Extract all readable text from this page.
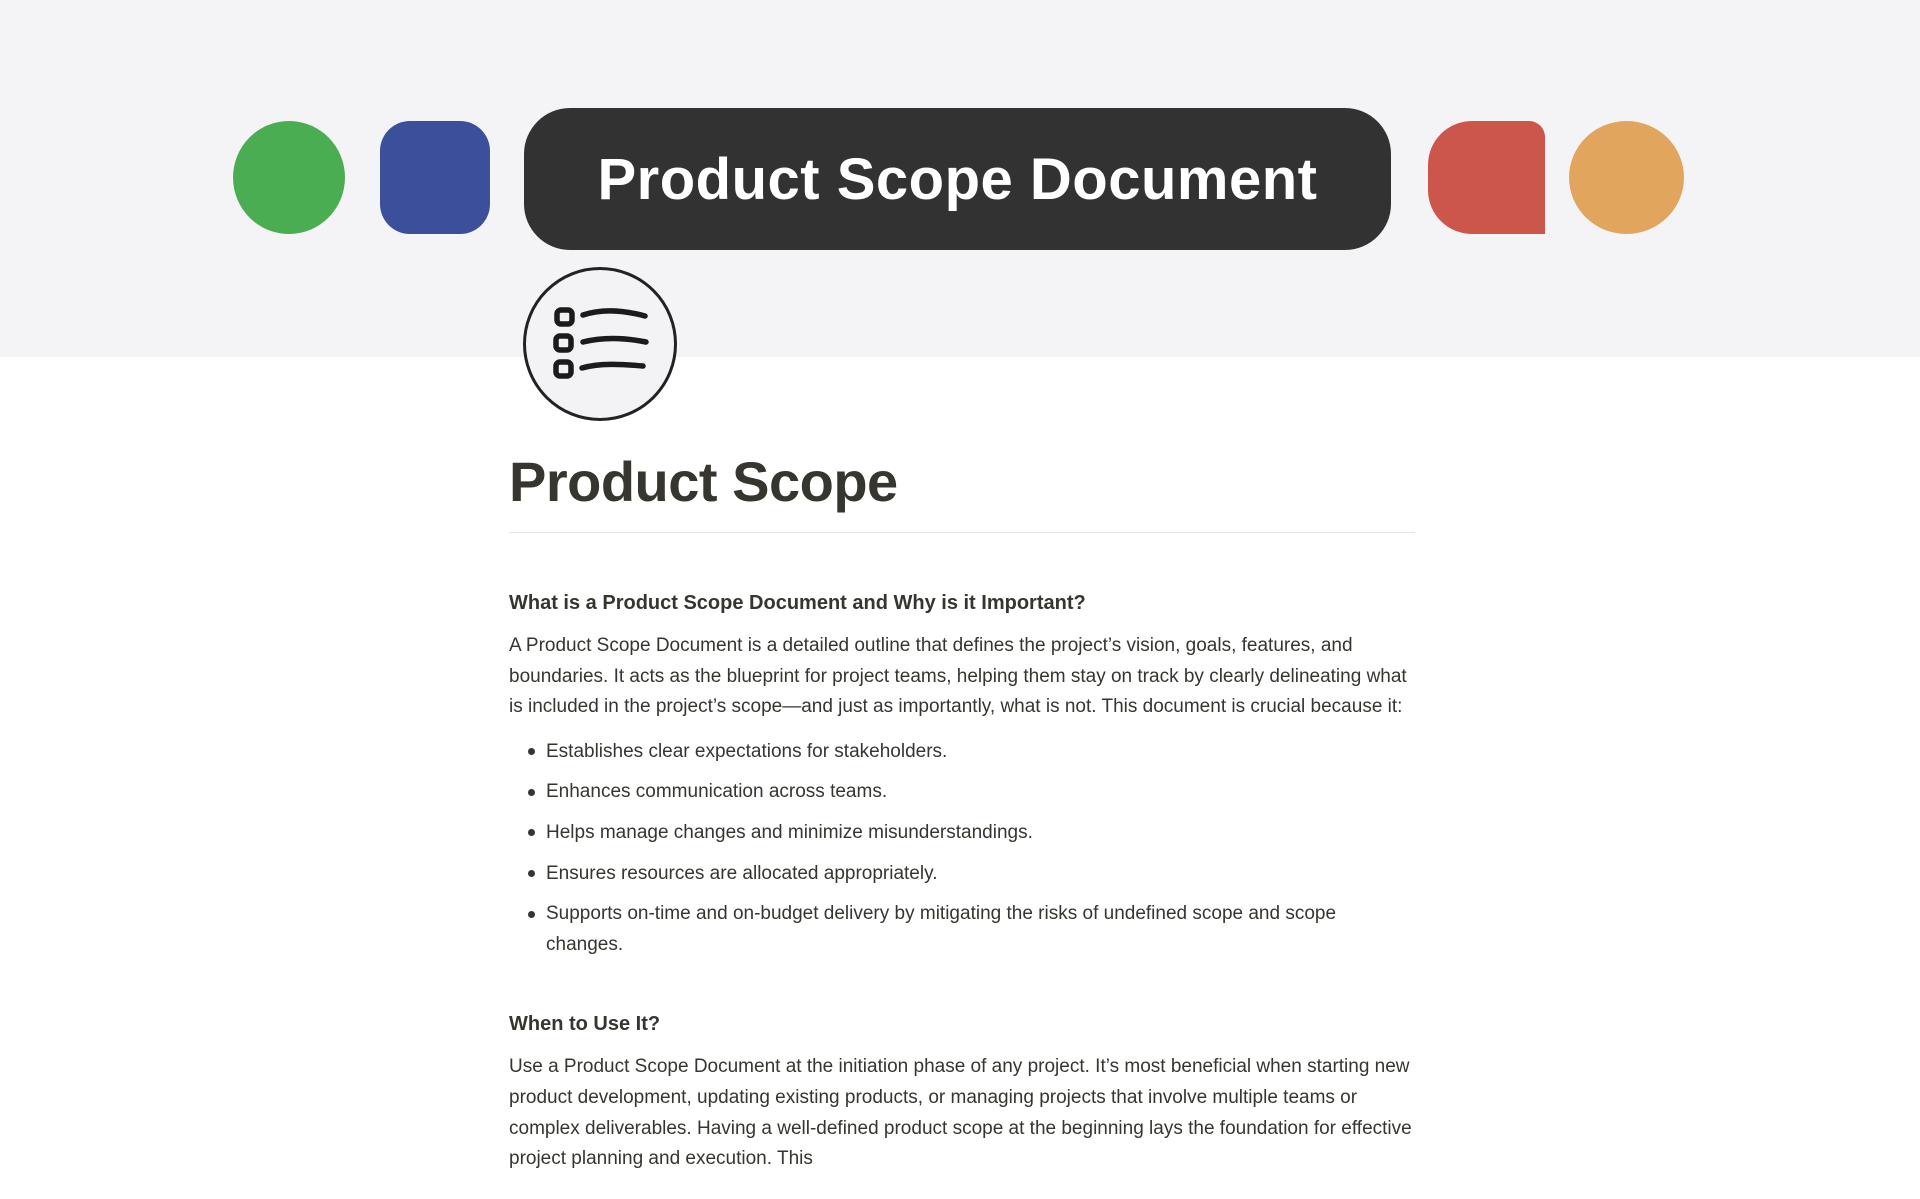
Product Scope Document
Product Scope
What is a Product Scope Document and Why is it Important?

A Product Scope Document is a detailed outline that defines the project’s vision, goals, features, and boundaries. It acts as the blueprint for project teams, helping them stay on track by clearly delineating what is included in the project’s scope—and just as importantly, what is not. This document is crucial because it:

Establishes clear expectations for stakeholders.
Enhances communication across teams.
Helps manage changes and minimize misunderstandings.
Ensures resources are allocated appropriately.
Supports on-time and on-budget delivery by mitigating the risks of undefined scope and scope changes.
When to Use It?

Use a Product Scope Document at the initiation phase of any project. It’s most beneficial when starting new product development, updating existing products, or managing projects that involve multiple teams or complex deliverables. Having a well-defined product scope at the beginning lays the foundation for effective project planning and execution. This
